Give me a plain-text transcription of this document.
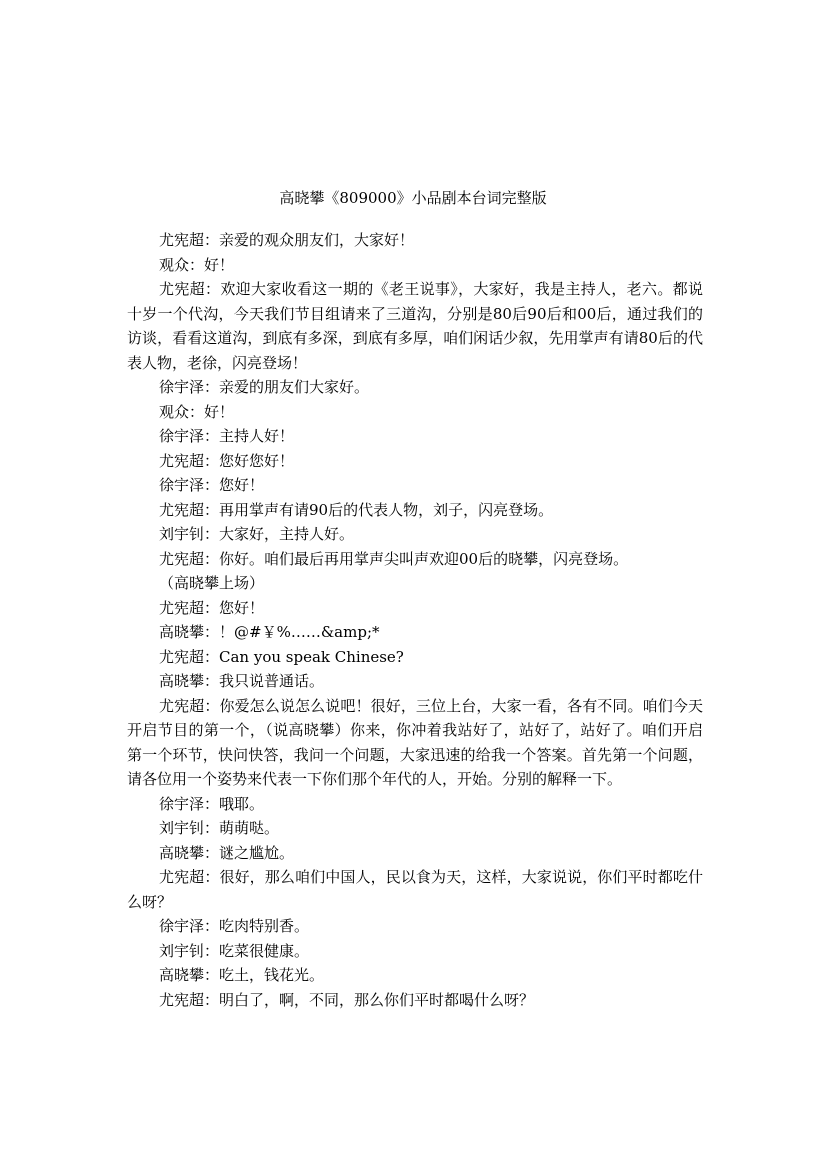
高晓攀《809000》小品剧本台词完整版

尤宪超：亲爱的观众朋友们，大家好！

观众：好！

尤宪超：欢迎大家收看这一期的《老王说事》，大家好，我是主持人，老六。都说十岁一个代沟，今天我们节目组请来了三道沟，分别是80后90后和00后，通过我们的访谈，看看这道沟，到底有多深，到底有多厚，咱们闲话少叙，先用掌声有请80后的代表人物，老徐，闪亮登场！

徐宇泽：亲爱的朋友们大家好。

观众：好！

徐宇泽：主持人好！

尤宪超：您好您好！

徐宇泽：您好！

尤宪超：再用掌声有请90后的代表人物，刘子，闪亮登场。

刘宇钊：大家好，主持人好。

尤宪超：你好。咱们最后再用掌声尖叫声欢迎00后的晓攀，闪亮登场。

（高晓攀上场）

尤宪超：您好！

高晓攀：！@#￥%……&amp;*

尤宪超：Can you speak Chinese?

高晓攀：我只说普通话。

尤宪超：你爱怎么说怎么说吧！很好，三位上台，大家一看，各有不同。咱们今天开启节目的第一个，（说高晓攀）你来，你冲着我站好了，站好了，站好了。咱们开启第一个环节，快问快答，我问一个问题，大家迅速的给我一个答案。首先第一个问题，请各位用一个姿势来代表一下你们那个年代的人，开始。分别的解释一下。

徐宇泽：哦耶。

刘宇钊：萌萌哒。

高晓攀：谜之尴尬。

尤宪超：很好，那么咱们中国人，民以食为天，这样，大家说说，你们平时都吃什么呀？

徐宇泽：吃肉特别香。

刘宇钊：吃菜很健康。

高晓攀：吃土，钱花光。

尤宪超：明白了，啊，不同，那么你们平时都喝什么呀？
